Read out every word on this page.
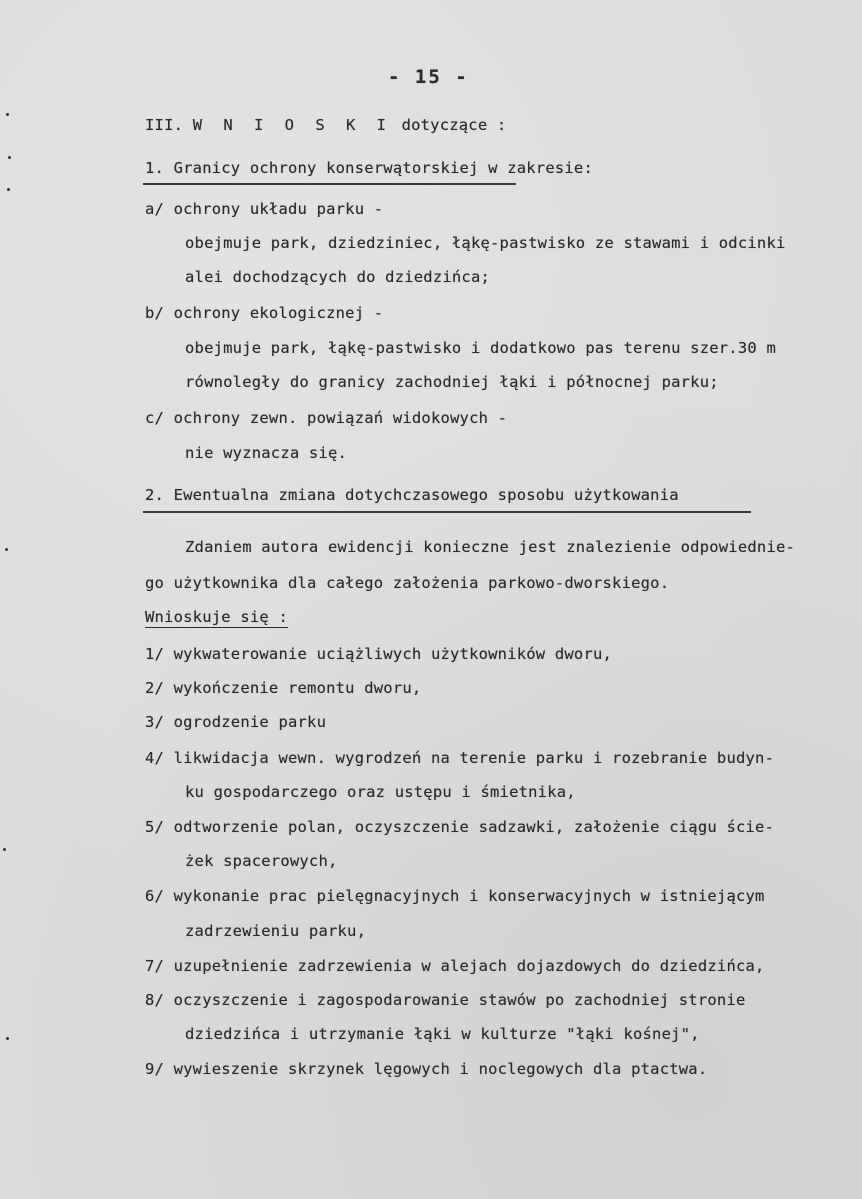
- 15 -
III. W N I O S K I dotyczące :
1. Granicy ochrony konserwątorskiej w zakresie:
a/ ochrony układu parku -
obejmuje park, dziedziniec, łąkę-pastwisko ze stawami i odcinki
alei dochodzących do dziedzińca;
b/ ochrony ekologicznej -
obejmuje park, łąkę-pastwisko i dodatkowo pas terenu szer.30 m
równoległy do granicy zachodniej łąki i północnej parku;
c/ ochrony zewn. powiązań widokowych -
nie wyznacza się.
2. Ewentualna zmiana dotychczasowego sposobu użytkowania
Zdaniem autora ewidencji konieczne jest znalezienie odpowiednie-
go użytkownika dla całego założenia parkowo-dworskiego.
Wnioskuje się :
1/ wykwaterowanie uciążliwych użytkowników dworu,
2/ wykończenie remontu dworu,
3/ ogrodzenie parku
4/ likwidacja wewn. wygrodzeń na terenie parku i rozebranie budyn-
ku gospodarczego oraz ustępu i śmietnika,
5/ odtworzenie polan, oczyszczenie sadzawki, założenie ciągu ście-
żek spacerowych,
6/ wykonanie prac pielęgnacyjnych i konserwacyjnych w istniejącym
zadrzewieniu parku,
7/ uzupełnienie zadrzewienia w alejach dojazdowych do dziedzińca,
8/ oczyszczenie i zagospodarowanie stawów po zachodniej stronie
dziedzińca i utrzymanie łąki w kulturze "łąki kośnej",
9/ wywieszenie skrzynek lęgowych i noclegowych dla ptactwa.
